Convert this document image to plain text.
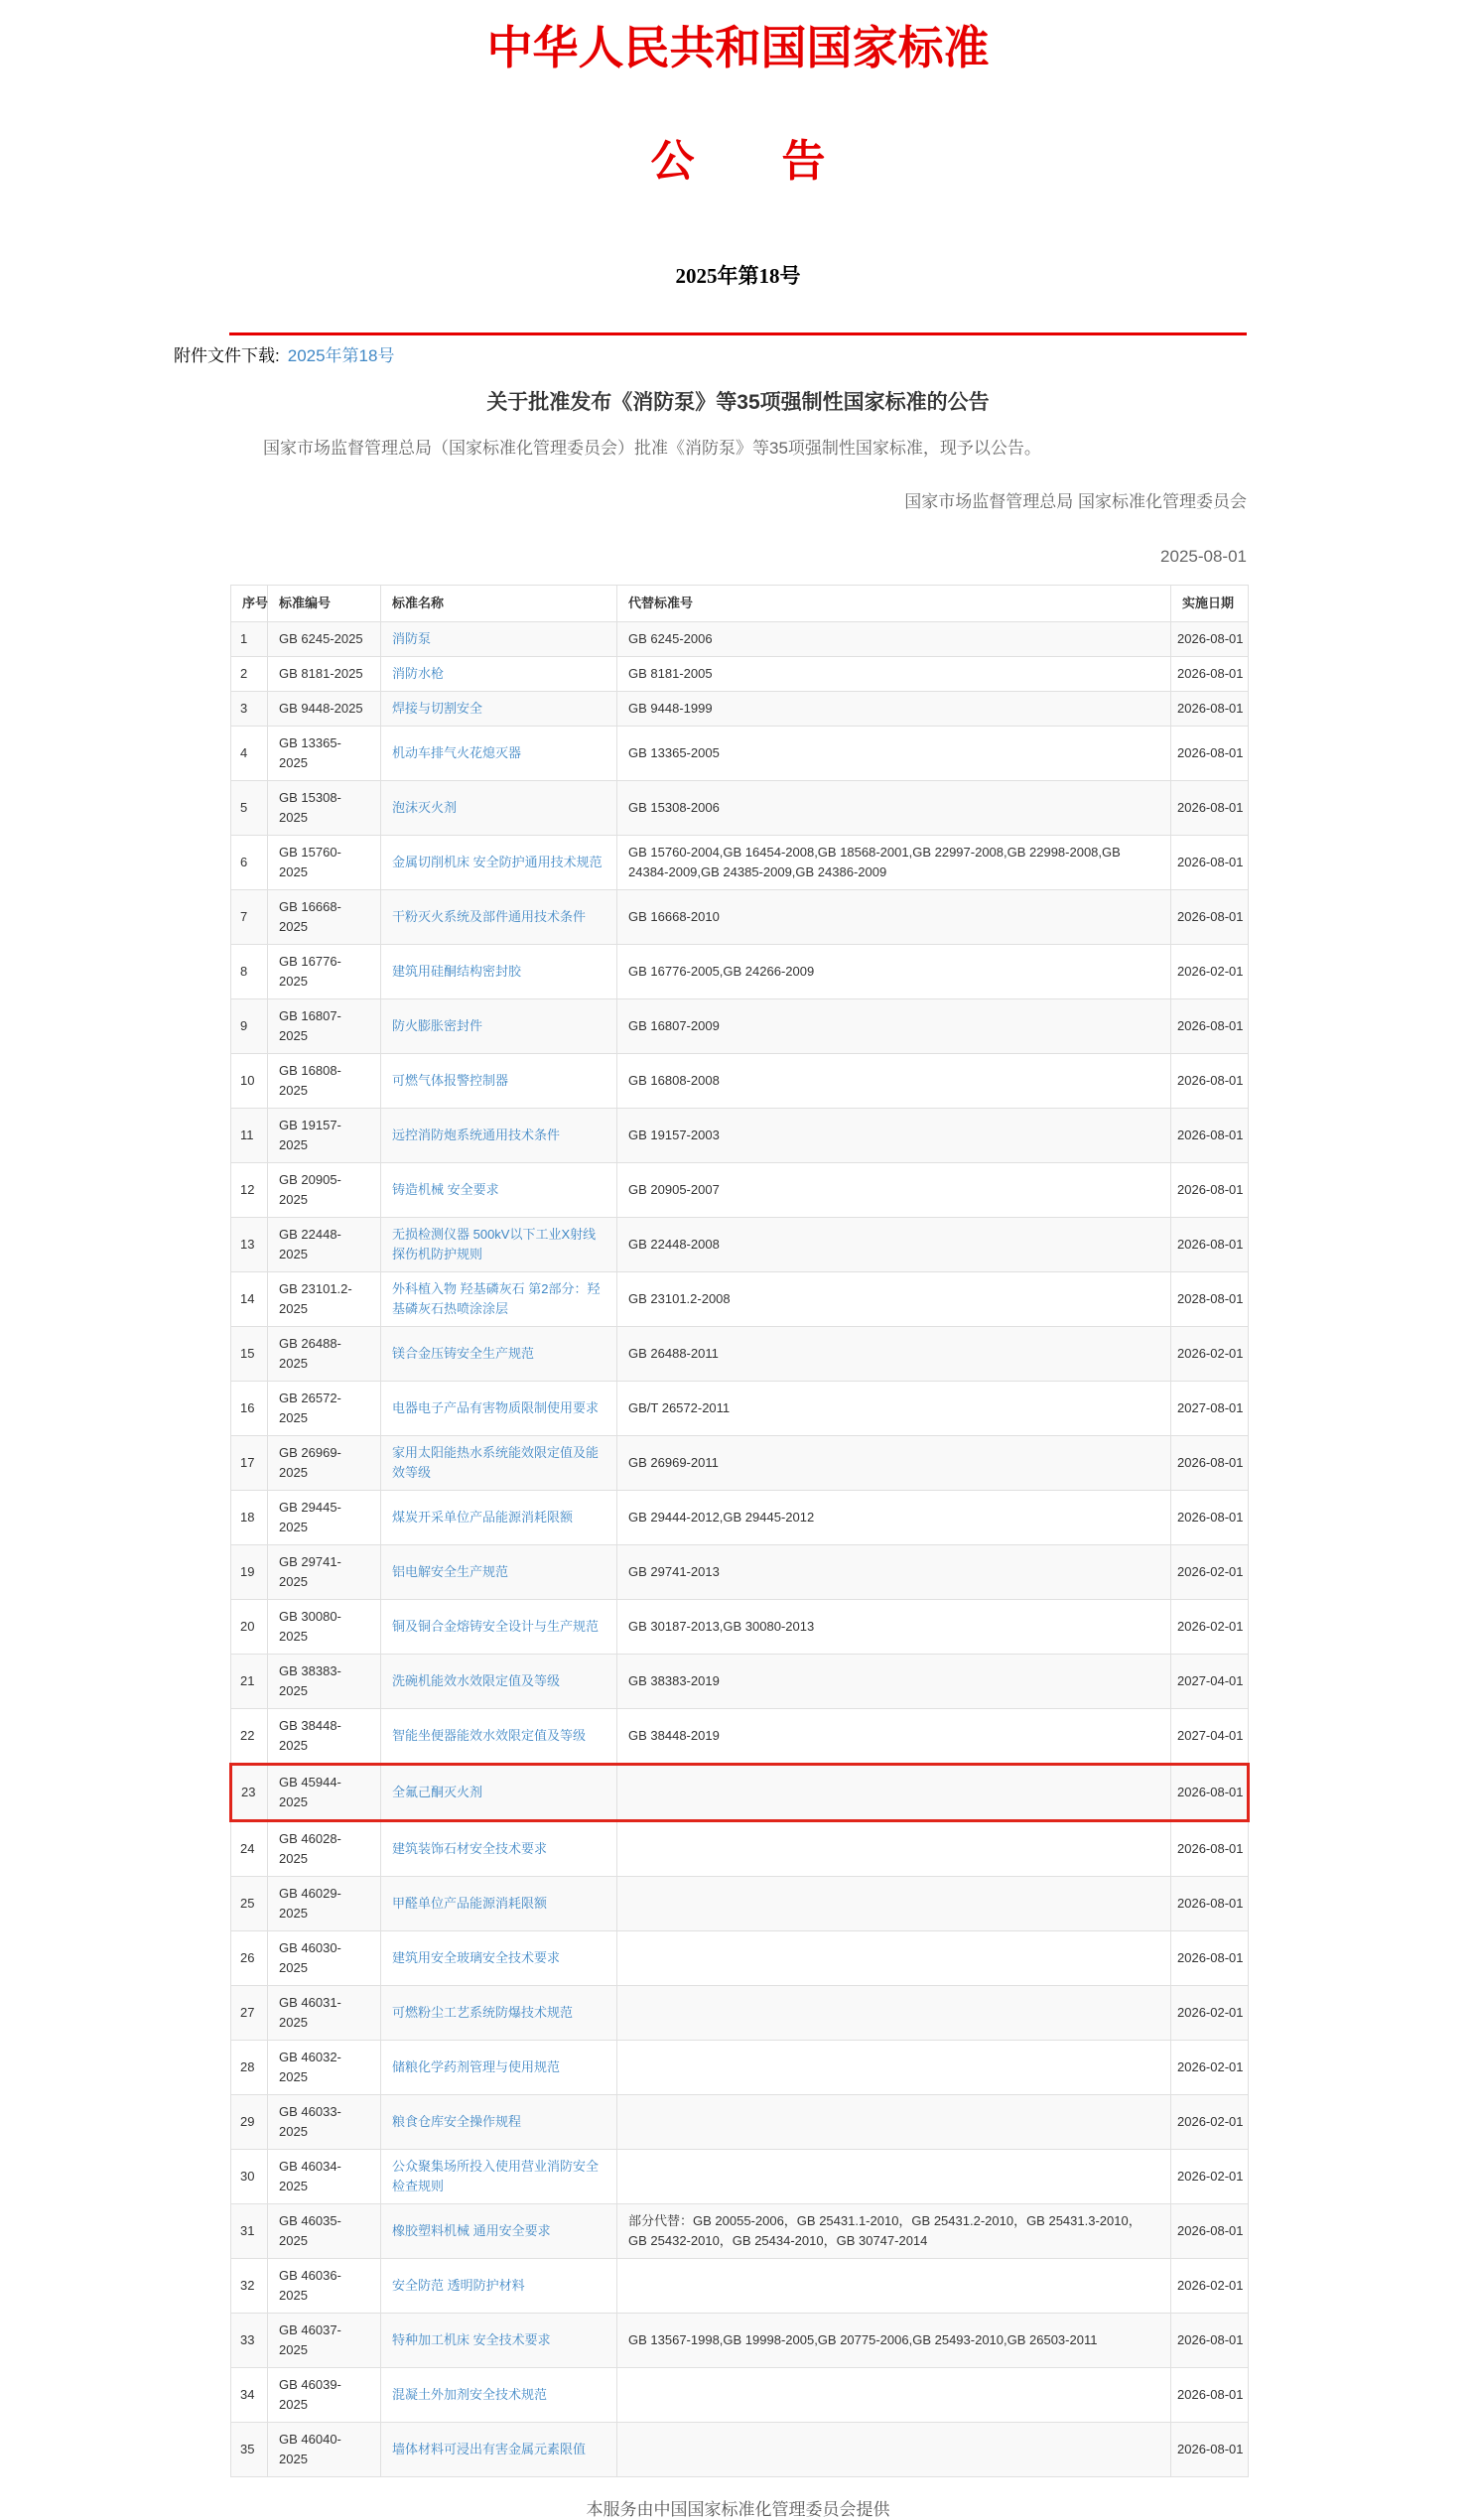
中华人民共和国国家标准
公　　告
2025年第18号
附件文件下载: 2025年第18号
关于批准发布《消防泵》等35项强制性国家标准的公告

国家市场监督管理总局（国家标准化管理委员会）批准《消防泵》等35项强制性国家标准，现予以公告。

国家市场监督管理总局 国家标准化管理委员会
2025-08-01
序号	标准编号	标准名称	代替标准号	实施日期
1	GB 6245-2025	消防泵	GB 6245-2006	2026-08-01
2	GB 8181-2025	消防水枪	GB 8181-2005	2026-08-01
3	GB 9448-2025	焊接与切割安全	GB 9448-1999	2026-08-01
4	GB 13365-2025	机动车排气火花熄灭器	GB 13365-2005	2026-08-01
5	GB 15308-2025	泡沫灭火剂	GB 15308-2006	2026-08-01
6	GB 15760-2025	金属切削机床 安全防护通用技术规范	GB 15760-2004,GB 16454-2008,GB 18568-2001,GB 22997-2008,GB 22998-2008,GB 24384-2009,GB 24385-2009,GB 24386-2009	2026-08-01
7	GB 16668-2025	干粉灭火系统及部件通用技术条件	GB 16668-2010	2026-08-01
8	GB 16776-2025	建筑用硅酮结构密封胶	GB 16776-2005,GB 24266-2009	2026-02-01
9	GB 16807-2025	防火膨胀密封件	GB 16807-2009	2026-08-01
10	GB 16808-2025	可燃气体报警控制器	GB 16808-2008	2026-08-01
11	GB 19157-2025	远控消防炮系统通用技术条件	GB 19157-2003	2026-08-01
12	GB 20905-2025	铸造机械 安全要求	GB 20905-2007	2026-08-01
13	GB 22448-2025	无损检测仪器 500kV以下工业X射线探伤机防护规则	GB 22448-2008	2026-08-01
14	GB 23101.2-2025	外科植入物 羟基磷灰石 第2部分：羟基磷灰石热喷涂涂层	GB 23101.2-2008	2028-08-01
15	GB 26488-2025	镁合金压铸安全生产规范	GB 26488-2011	2026-02-01
16	GB 26572-2025	电器电子产品有害物质限制使用要求	GB/T 26572-2011	2027-08-01
17	GB 26969-2025	家用太阳能热水系统能效限定值及能效等级	GB 26969-2011	2026-08-01
18	GB 29445-2025	煤炭开采单位产品能源消耗限额	GB 29444-2012,GB 29445-2012	2026-08-01
19	GB 29741-2025	铝电解安全生产规范	GB 29741-2013	2026-02-01
20	GB 30080-2025	铜及铜合金熔铸安全设计与生产规范	GB 30187-2013,GB 30080-2013	2026-02-01
21	GB 38383-2025	洗碗机能效水效限定值及等级	GB 38383-2019	2027-04-01
22	GB 38448-2025	智能坐便器能效水效限定值及等级	GB 38448-2019	2027-04-01
23	GB 45944-2025	全氟己酮灭火剂		2026-08-01
24	GB 46028-2025	建筑装饰石材安全技术要求		2026-08-01
25	GB 46029-2025	甲醛单位产品能源消耗限额		2026-08-01
26	GB 46030-2025	建筑用安全玻璃安全技术要求		2026-08-01
27	GB 46031-2025	可燃粉尘工艺系统防爆技术规范		2026-02-01
28	GB 46032-2025	储粮化学药剂管理与使用规范		2026-02-01
29	GB 46033-2025	粮食仓库安全操作规程		2026-02-01
30	GB 46034-2025	公众聚集场所投入使用营业消防安全检查规则		2026-02-01
31	GB 46035-2025	橡胶塑料机械 通用安全要求	部分代替：GB 20055-2006，GB 25431.1-2010，GB 25431.2-2010，GB 25431.3-2010，GB 25432-2010，GB 25434-2010，GB 30747-2014	2026-08-01
32	GB 46036-2025	安全防范 透明防护材料		2026-02-01
33	GB 46037-2025	特种加工机床 安全技术要求	GB 13567-1998,GB 19998-2005,GB 20775-2006,GB 25493-2010,GB 26503-2011	2026-08-01
34	GB 46039-2025	混凝土外加剂安全技术规范		2026-08-01
35	GB 46040-2025	墙体材料可浸出有害金属元素限值		2026-08-01
本服务由中国国家标准化管理委员会提供
